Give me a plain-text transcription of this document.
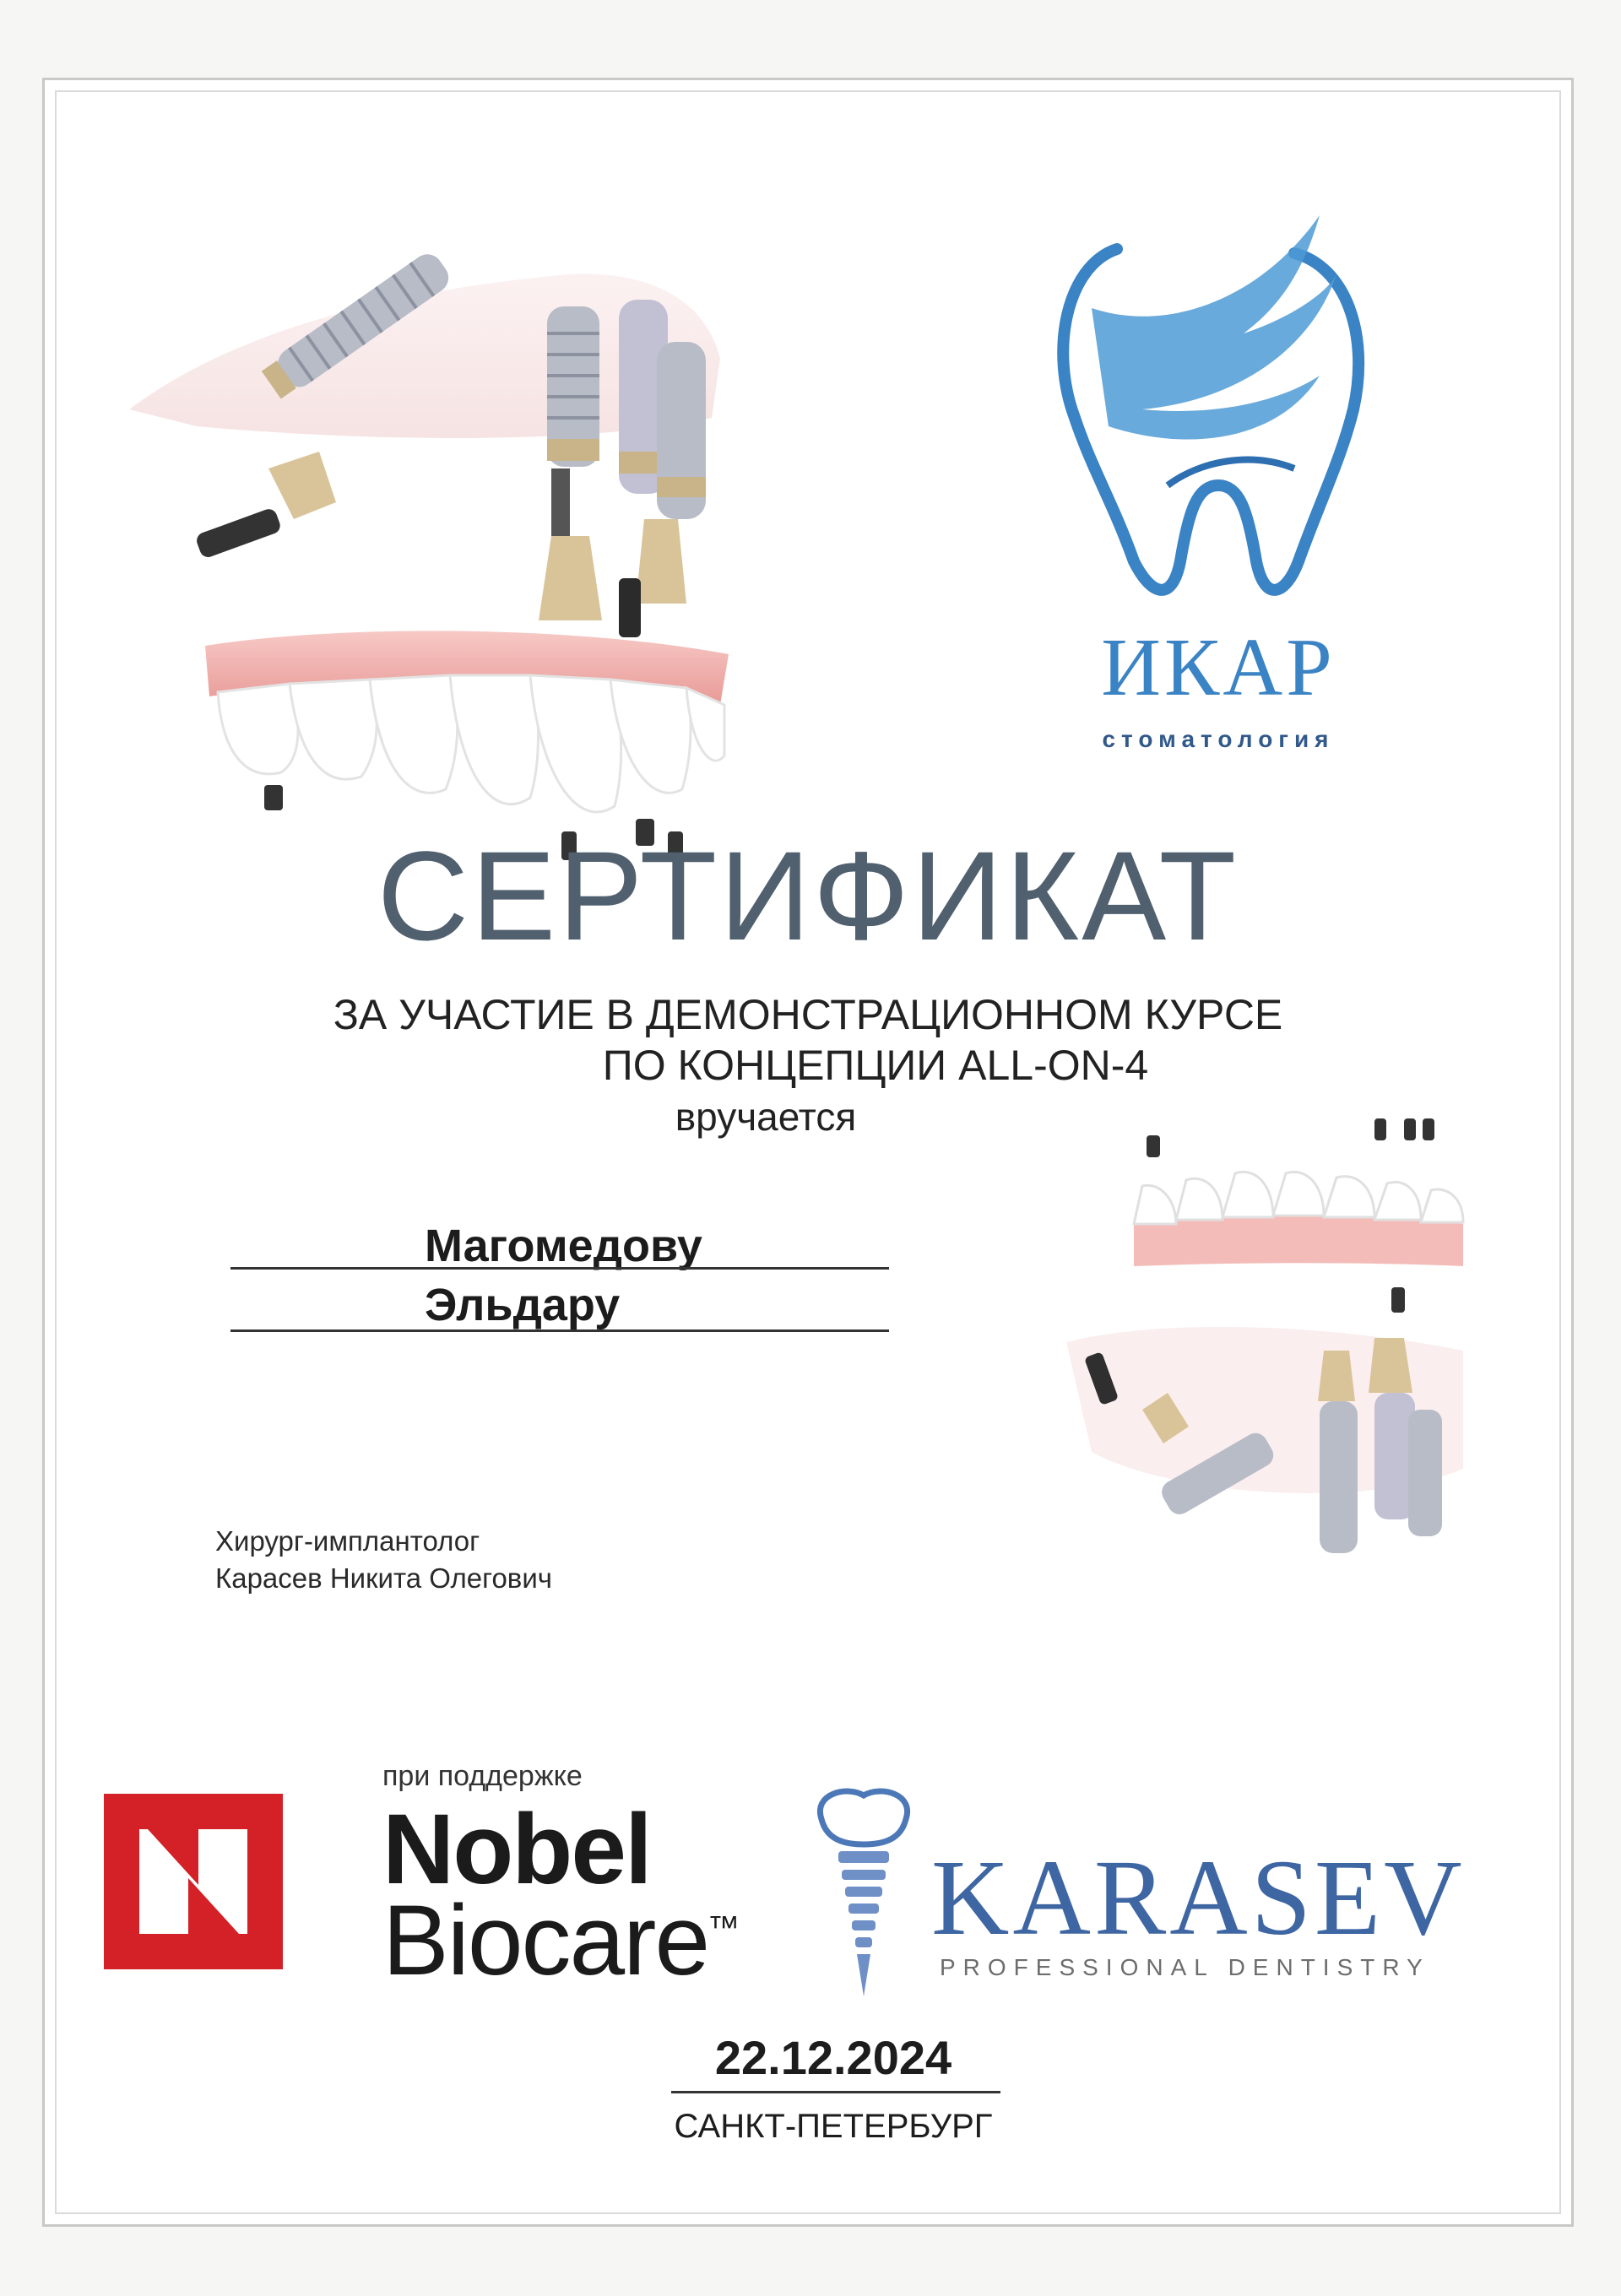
ИКАР
стоматология
СЕРТИФИКАТ
ЗА УЧАСТИЕ В ДЕМОНСТРАЦИОННОМ КУРСЕ
ПО КОНЦЕПЦИИ ALL-ON-4
вручается
Магомедову
Эльдару
Хирург-имплантолог
Карасев Никита Олегович
при поддержке
Nobel
Biocare
™ KARASEV
PROFESSIONAL DENTISTRY
22.12.2024
САНКТ-ПЕТЕРБУРГ
